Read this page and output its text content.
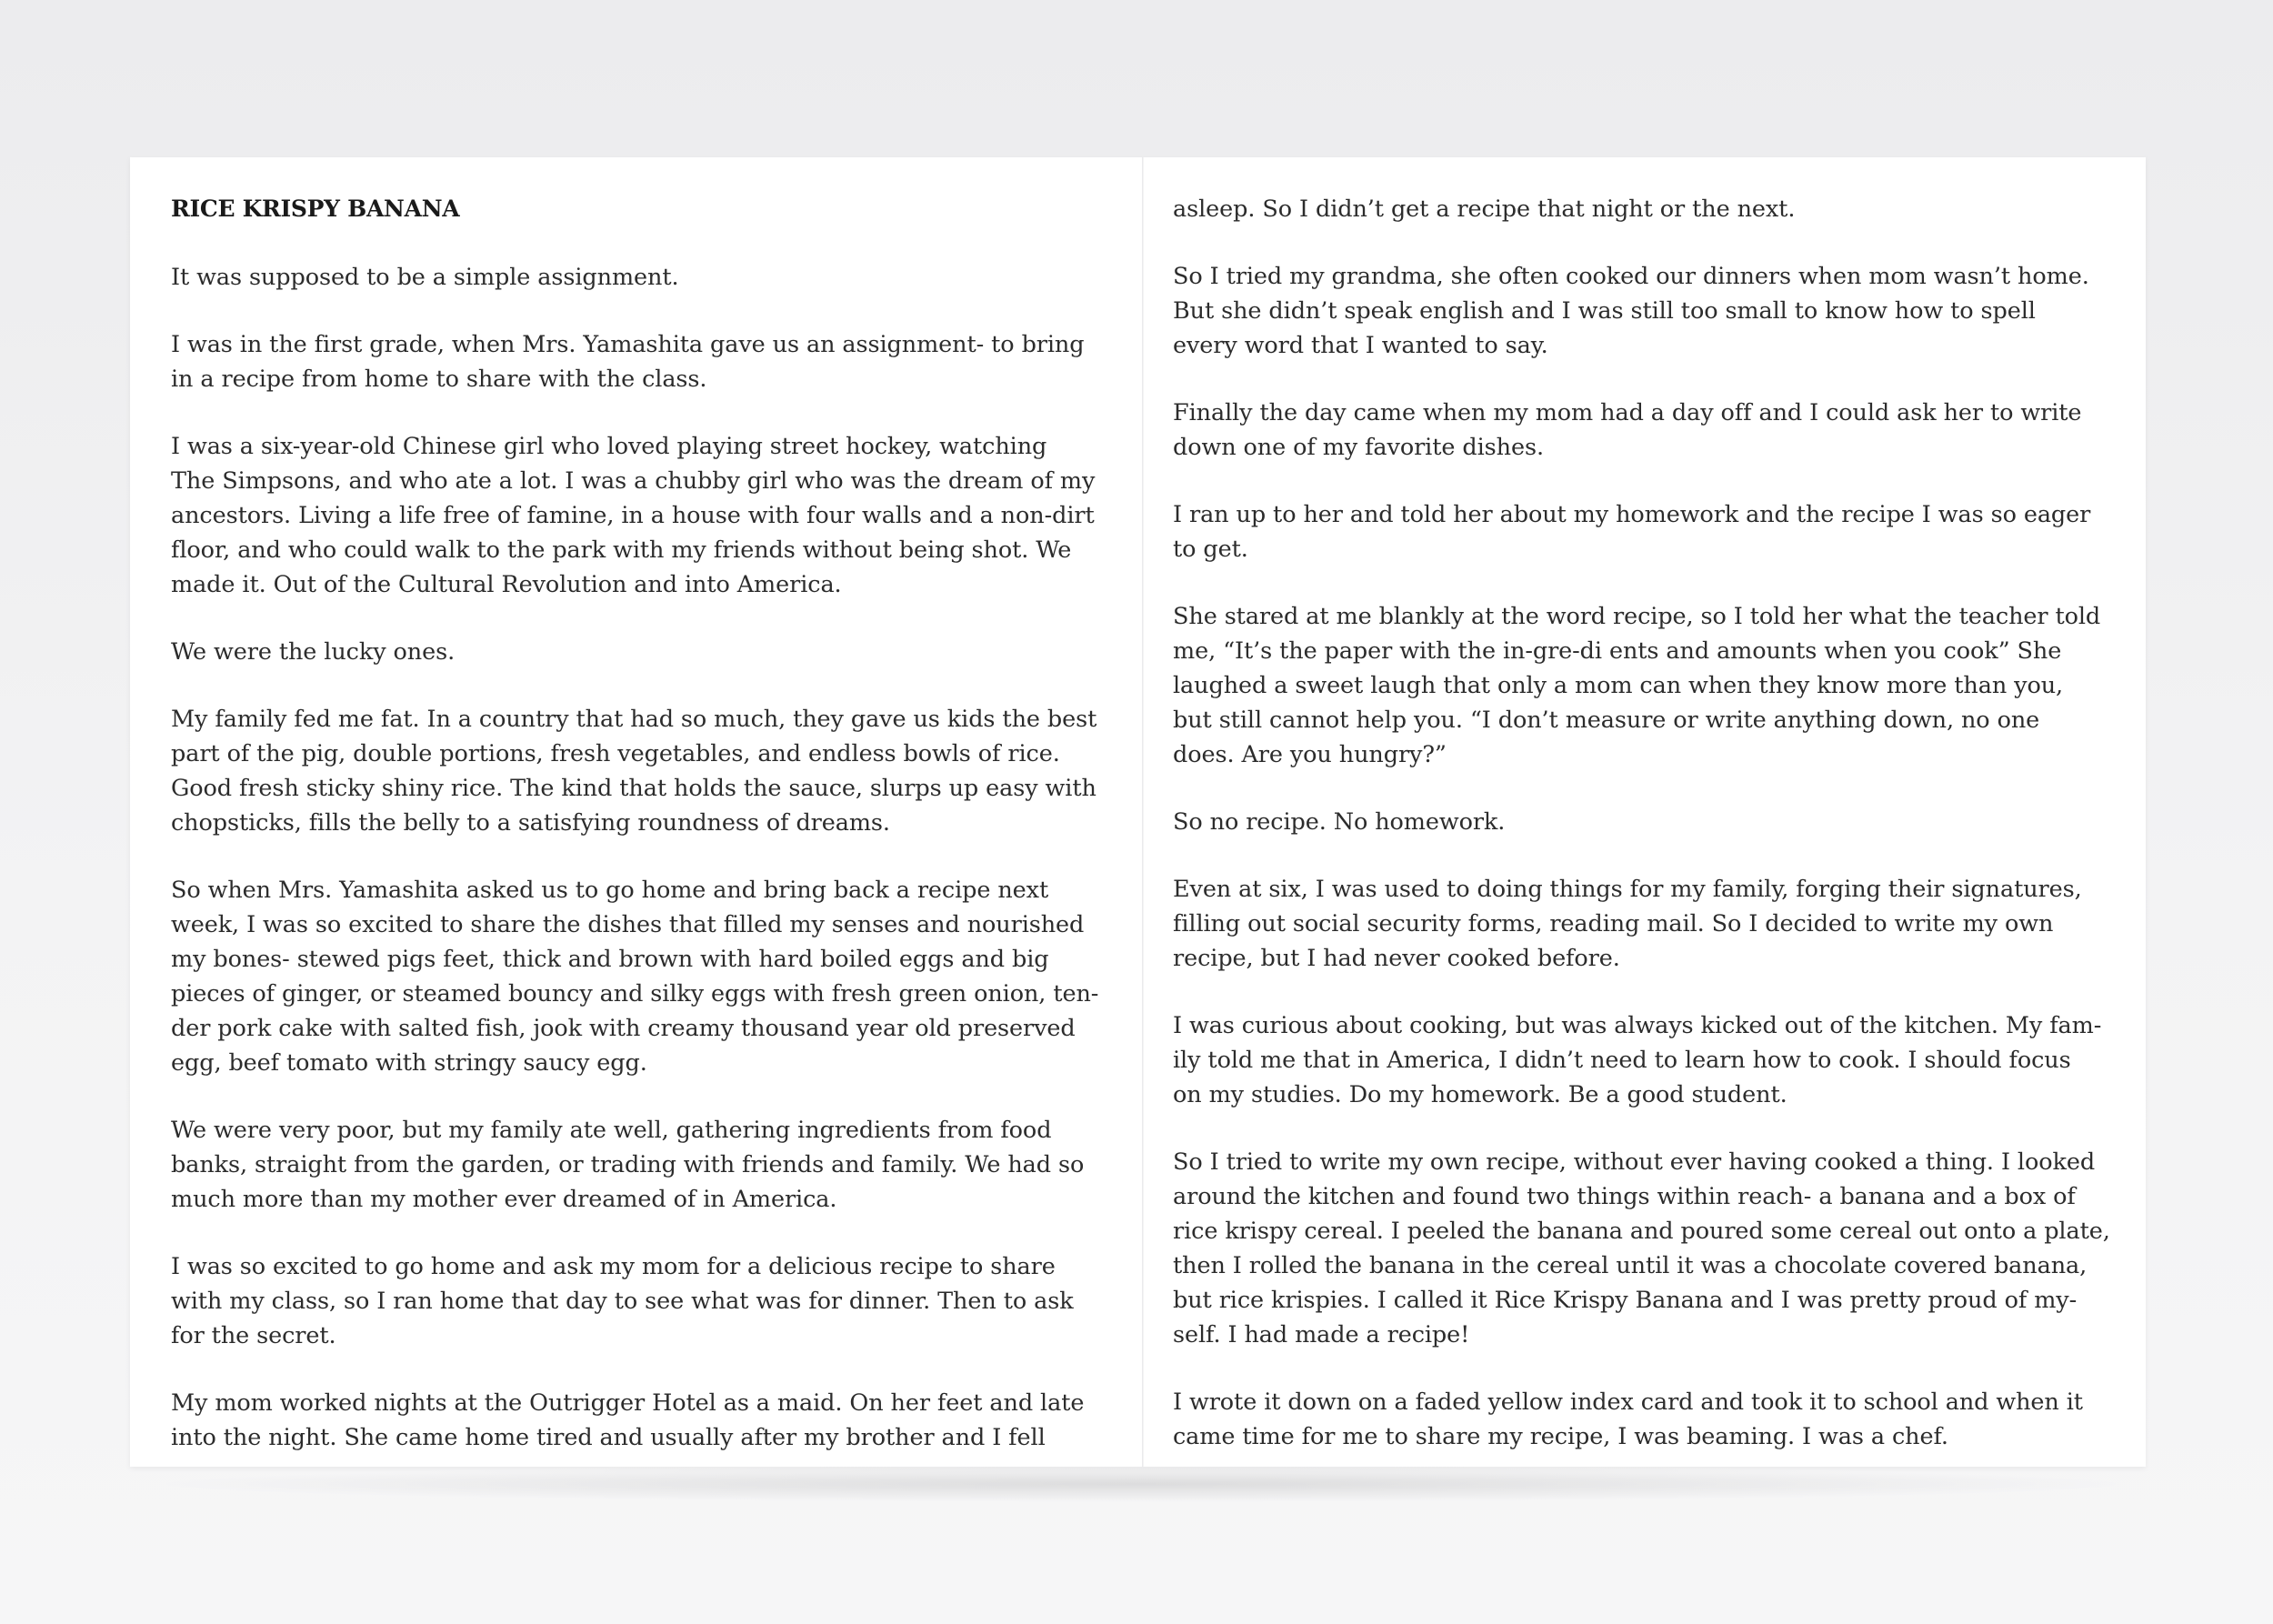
RICE KRISPY BANANA
It was supposed to be a simple assignment.
I was in the first grade, when Mrs. Yamashita gave us an assignment- to bring
in a recipe from home to share with the class.
I was a six-year-old Chinese girl who loved playing street hockey, watching
The Simpsons, and who ate a lot. I was a chubby girl who was the dream of my
ancestors. Living a life free of famine, in a house with four walls and a non-dirt
floor, and who could walk to the park with my friends without being shot. We
made it. Out of the Cultural Revolution and into America.
We were the lucky ones.
My family fed me fat. In a country that had so much, they gave us kids the best
part of the pig, double portions, fresh vegetables, and endless bowls of rice.
Good fresh sticky shiny rice. The kind that holds the sauce, slurps up easy with
chopsticks, fills the belly to a satisfying roundness of dreams.
So when Mrs. Yamashita asked us to go home and bring back a recipe next
week, I was so excited to share the dishes that filled my senses and nourished
my bones- stewed pigs feet, thick and brown with hard boiled eggs and big
pieces of ginger, or steamed bouncy and silky eggs with fresh green onion, ten-
der pork cake with salted fish, jook with creamy thousand year old preserved
egg, beef tomato with stringy saucy egg.
We were very poor, but my family ate well, gathering ingredients from food
banks, straight from the garden, or trading with friends and family. We had so
much more than my mother ever dreamed of in America.
I was so excited to go home and ask my mom for a delicious recipe to share
with my class, so I ran home that day to see what was for dinner. Then to ask
for the secret.
My mom worked nights at the Outrigger Hotel as a maid. On her feet and late
into the night. She came home tired and usually after my brother and I fell
asleep. So I didn’t get a recipe that night or the next.
So I tried my grandma, she often cooked our dinners when mom wasn’t home.
But she didn’t speak english and I was still too small to know how to spell
every word that I wanted to say.
Finally the day came when my mom had a day off and I could ask her to write
down one of my favorite dishes.
I ran up to her and told her about my homework and the recipe I was so eager
to get.
She stared at me blankly at the word recipe, so I told her what the teacher told
me, “It’s the paper with the in-gre-di ents and amounts when you cook” She
laughed a sweet laugh that only a mom can when they know more than you,
but still cannot help you. “I don’t measure or write anything down, no one
does. Are you hungry?”
So no recipe. No homework.
Even at six, I was used to doing things for my family, forging their signatures,
filling out social security forms, reading mail. So I decided to write my own
recipe, but I had never cooked before.
I was curious about cooking, but was always kicked out of the kitchen. My fam-
ily told me that in America, I didn’t need to learn how to cook. I should focus
on my studies. Do my homework. Be a good student.
So I tried to write my own recipe, without ever having cooked a thing. I looked
around the kitchen and found two things within reach- a banana and a box of
rice krispy cereal. I peeled the banana and poured some cereal out onto a plate,
then I rolled the banana in the cereal until it was a chocolate covered banana,
but rice krispies. I called it Rice Krispy Banana and I was pretty proud of my-
self. I had made a recipe!
I wrote it down on a faded yellow index card and took it to school and when it
came time for me to share my recipe, I was beaming. I was a chef.
